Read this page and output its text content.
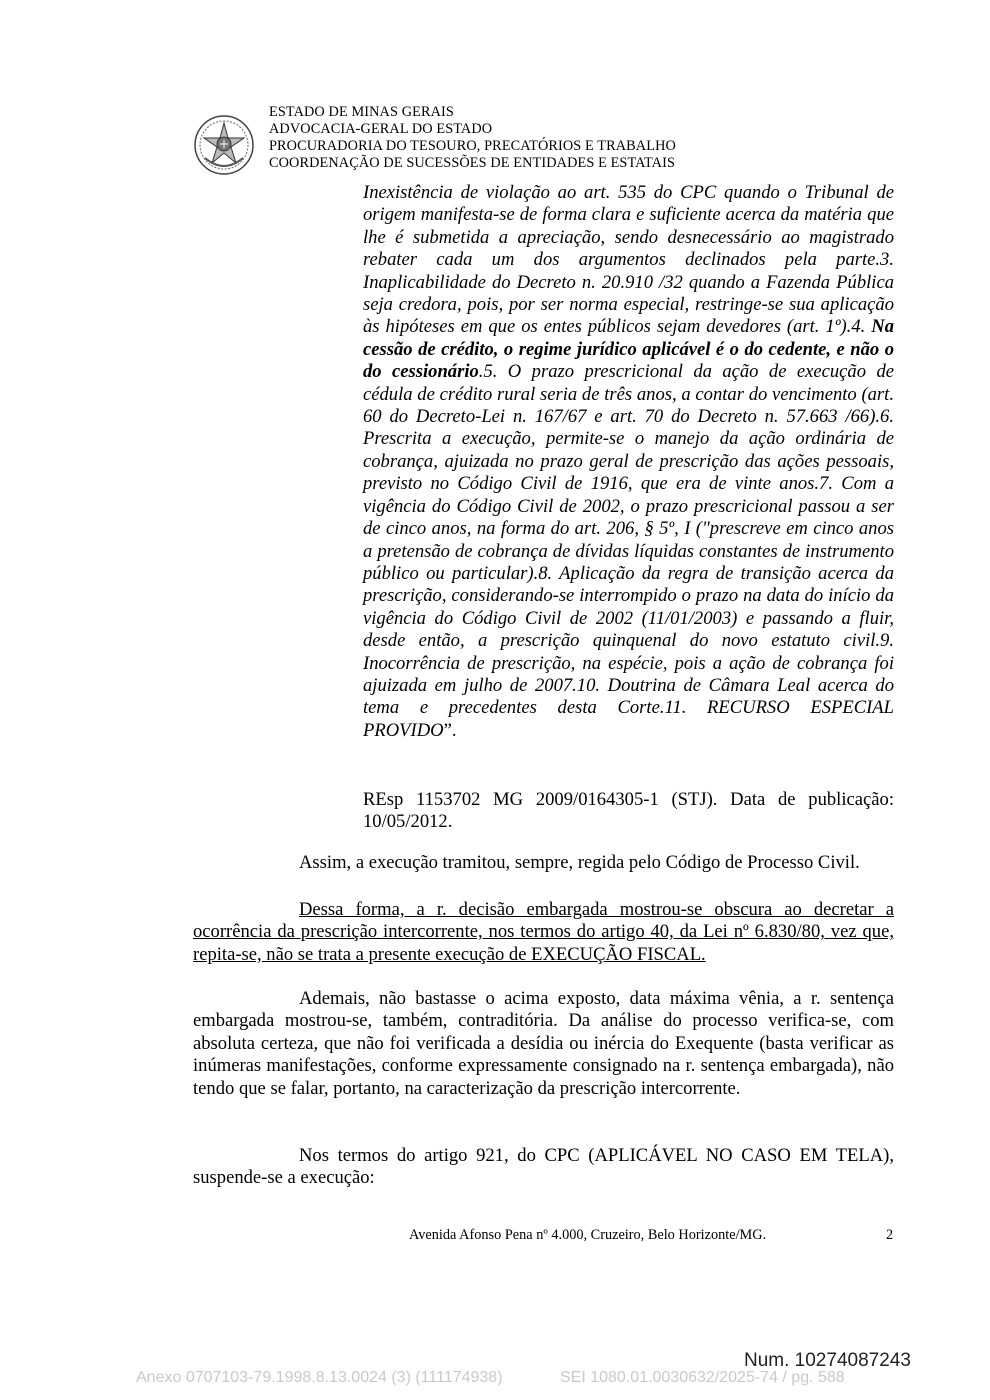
ESTADO DE MINAS GERAIS
ADVOCACIA-GERAL DO ESTADO
PROCURADORIA DO TESOURO, PRECATÓRIOS E TRABALHO
COORDENAÇÃO DE SUCESSÕES DE ENTIDADES E ESTATAIS
Inexistência de violação ao art. 535 do CPC quando o Tribunal de origem manifesta-se de forma clara e suficiente acerca da matéria que lhe é submetida a apreciação, sendo desnecessário ao magistrado rebater cada um dos argumentos declinados pela parte.3. Inaplicabilidade do Decreto n. 20.910 /32 quando a Fazenda Pública seja credora, pois, por ser norma especial, restringe-se sua aplicação às hipóteses em que os entes públicos sejam devedores (art. 1º).4. Na cessão de crédito, o regime jurídico aplicável é o do cedente, e não o do cessionário.5. O prazo prescricional da ação de execução de cédula de crédito rural seria de três anos, a contar do vencimento (art. 60 do Decreto-Lei n. 167/67 e art. 70 do Decreto n. 57.663 /66).6. Prescrita a execução, permite-se o manejo da ação ordinária de cobrança, ajuizada no prazo geral de prescrição das ações pessoais, previsto no Código Civil de 1916, que era de vinte anos.7. Com a vigência do Código Civil de 2002, o prazo prescricional passou a ser de cinco anos, na forma do art. 206, § 5º, I ("prescreve em cinco anos a pretensão de cobrança de dívidas líquidas constantes de instrumento público ou particular).8. Aplicação da regra de transição acerca da prescrição, considerando-se interrompido o prazo na data do início da vigência do Código Civil de 2002 (11/01/2003) e passando a fluir, desde então, a prescrição quinquenal do novo estatuto civil.9. Inocorrência de prescrição, na espécie, pois a ação de cobrança foi ajuizada em julho de 2007.10. Doutrina de Câmara Leal acerca do tema e precedentes desta Corte.11. RECURSO ESPECIAL PROVIDO”.
REsp 1153702 MG 2009/0164305-1 (STJ). Data de publicação: 10/05/2012.
Assim, a execução tramitou, sempre, regida pelo Código de Processo Civil.
Dessa forma, a r. decisão embargada mostrou-se obscura ao decretar a ocorrência da prescrição intercorrente, nos termos do artigo 40, da Lei nº 6.830/80, vez que, repita-se, não se trata a presente execução de EXECUÇÃO FISCAL.
Ademais, não bastasse o acima exposto, data máxima vênia, a r. sentença embargada mostrou-se, também, contraditória. Da análise do processo verifica-se, com absoluta certeza, que não foi verificada a desídia ou inércia do Exequente (basta verificar as inúmeras manifestações, conforme expressamente consignado na r. sentença embargada), não tendo que se falar, portanto, na caracterização da prescrição intercorrente.
Nos termos do artigo 921, do CPC (APLICÁVEL NO CASO EM TELA), suspende-se a execução:
Avenida Afonso Pena nº 4.000, Cruzeiro, Belo Horizonte/MG.	2
Num. 10274087243
Anexo 0707103-79.1998.8.13.0024 (3) (111174938)	SEI 1080.01.0030632/2025-74 / pg. 588
